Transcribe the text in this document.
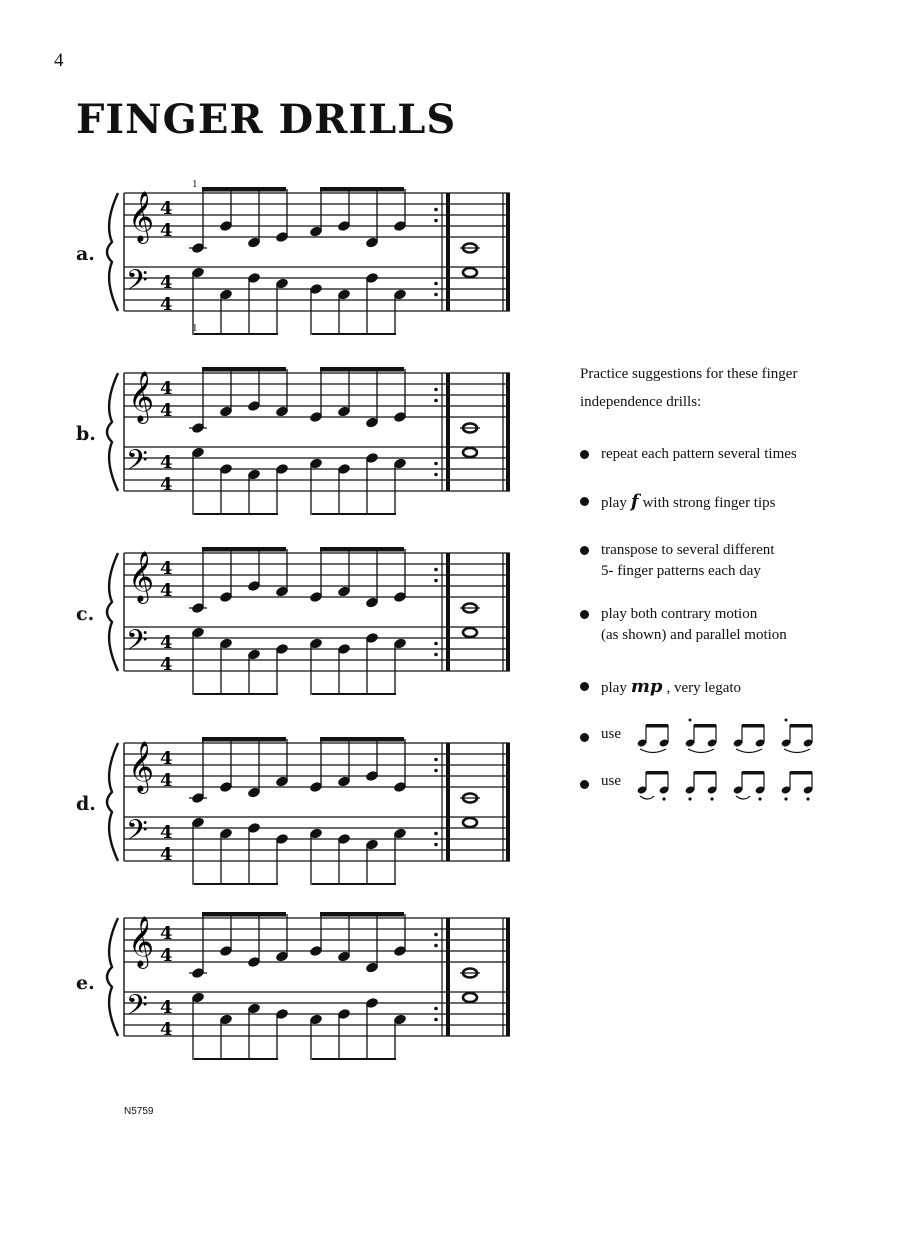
4
FINGER DRILLS
𝄞
𝄢
4
4
4
4
a.
1
1
𝄞
𝄢
4
4
4
4
b.
𝄞
𝄢
4
4
4
4
c.
𝄞
𝄢
4
4
4
4
d.
𝄞
𝄢
4
4
4
4
e.

Practice suggestions for these finger
independence drills:

repeat each pattern several times
play f with strong finger tips
transpose to several different
5- finger patterns each day
play both contrary motion
(as shown) and parallel motion
play mp , very legato
use
use
N5759
